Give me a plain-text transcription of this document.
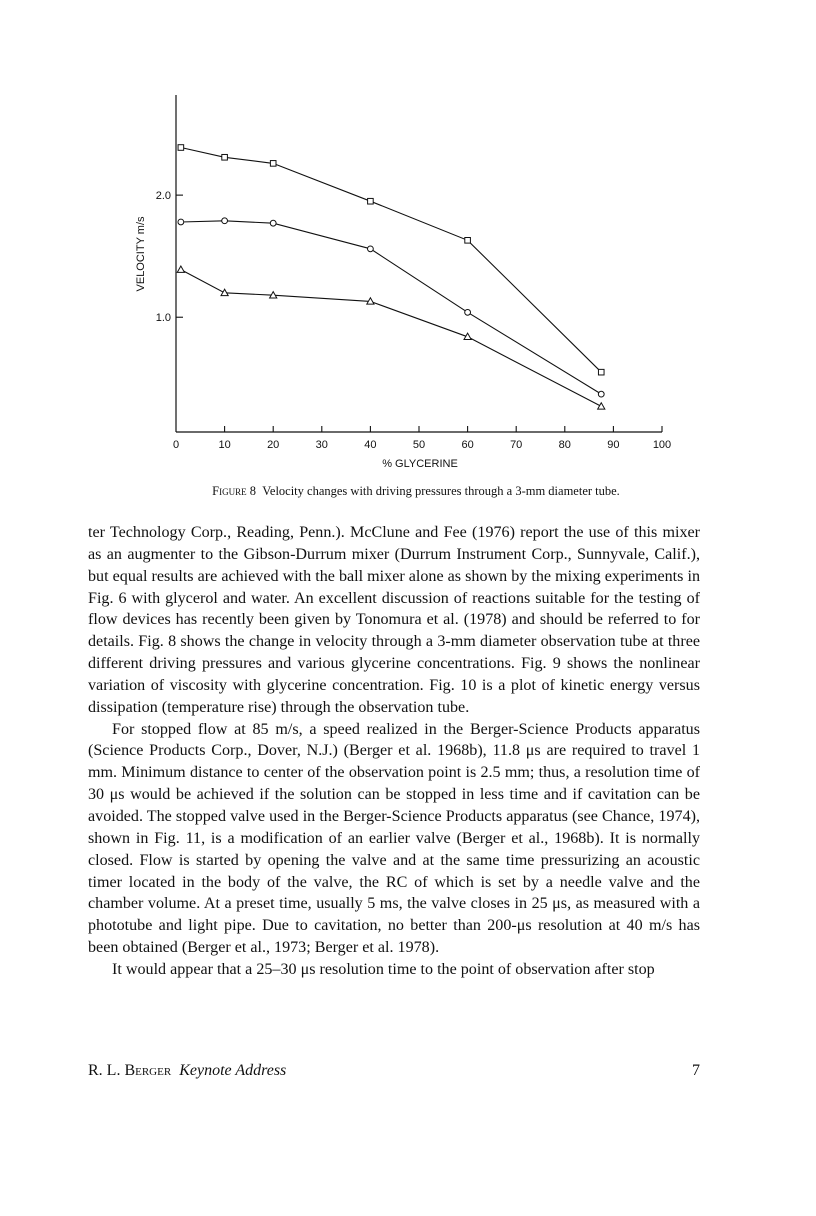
0	10	20	30	40	50	60	70	80	90	100
1.0
2.0
VELOCITY m/s
% GLYCERINE
Figure 8 Velocity changes with driving pressures through a 3-mm diameter tube.

ter Technology Corp., Reading, Penn.). McClune and Fee (1976) report the use of this mixer as an augmenter to the Gibson-Durrum mixer (Durrum Instrument Corp., Sunnyvale, Calif.), but equal results are achieved with the ball mixer alone as shown by the mixing experiments in Fig. 6 with glycerol and water. An excellent discussion of reactions suitable for the testing of flow devices has recently been given by Tonomura et al. (1978) and should be referred to for details. Fig. 8 shows the change in velocity through a 3-mm diameter observation tube at three different driving pressures and various glycerine concentrations. Fig. 9 shows the nonlinear variation of viscosity with glycerine concentration. Fig. 10 is a plot of kinetic energy versus dissipation (temperature rise) through the observation tube.

For stopped flow at 85 m/s, a speed realized in the Berger-Science Products apparatus (Science Products Corp., Dover, N.J.) (Berger et al. 1968b), 11.8 μs are required to travel 1 mm. Minimum distance to center of the observation point is 2.5 mm; thus, a resolution time of 30 μs would be achieved if the solution can be stopped in less time and if cavitation can be avoided. The stopped valve used in the Berger-Science Products apparatus (see Chance, 1974), shown in Fig. 11, is a modification of an earlier valve (Berger et al., 1968b). It is normally closed. Flow is started by opening the valve and at the same time pressurizing an acoustic timer located in the body of the valve, the RC of which is set by a needle valve and the chamber volume. At a preset time, usually 5 ms, the valve closes in 25 μs, as measured with a phototube and light pipe. Due to cavitation, no better than 200-μs resolution at 40 m/s has been obtained (Berger et al., 1973; Berger et al. 1978).

It would appear that a 25–30 μs resolution time to the point of observation after stop

R. L. Berger Keynote Address	7
